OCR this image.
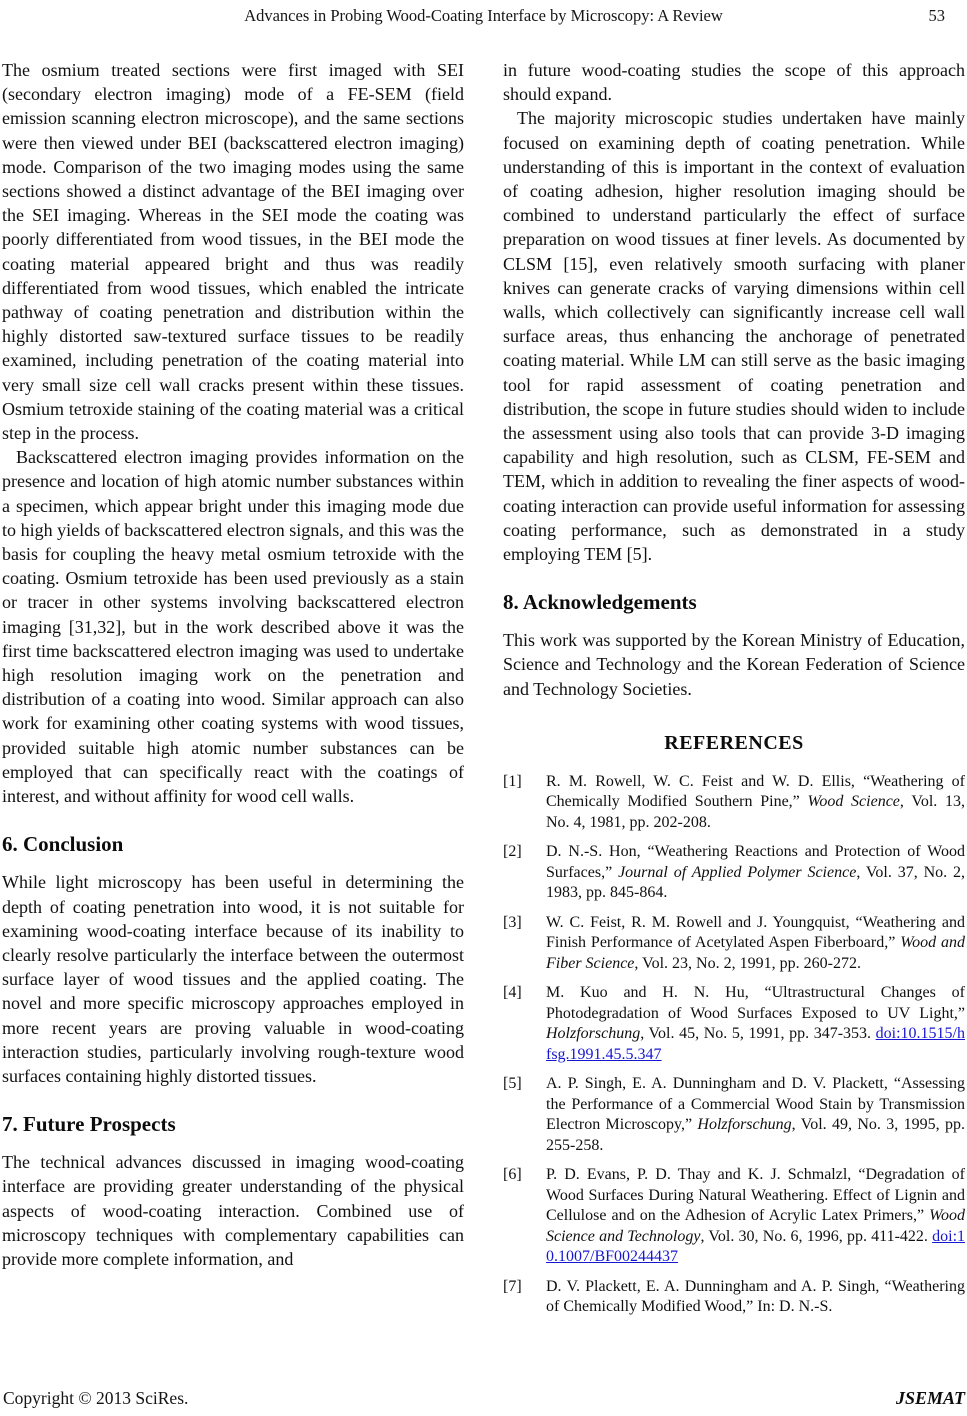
Advances in Probing Wood-Coating Interface by Microscopy: A Review	53

The osmium treated sections were first imaged with SEI (secondary electron imaging) mode of a FE-SEM (field emission scanning electron microscope), and the same sections were then viewed under BEI (backscattered electron imaging) mode. Comparison of the two imaging modes using the same sections showed a distinct advantage of the BEI imaging over the SEI imaging. Whereas in the SEI mode the coating was poorly differentiated from wood tissues, in the BEI mode the coating material appeared bright and thus was readily differentiated from wood tissues, which enabled the intricate pathway of coating penetration and distribution within the highly distorted saw-textured surface tissues to be readily examined, including penetration of the coating material into very small size cell wall cracks present within these tissues. Osmium tetroxide staining of the coating material was a critical step in the process.

Backscattered electron imaging provides information on the presence and location of high atomic number substances within a specimen, which appear bright under this imaging mode due to high yields of backscattered electron signals, and this was the basis for coupling the heavy metal osmium tetroxide with the coating. Osmium tetroxide has been used previously as a stain or tracer in other systems involving backscattered electron imaging [31,32], but in the work described above it was the first time backscattered electron imaging was used to undertake high resolution imaging work on the penetration and distribution of a coating into wood. Similar approach can also work for examining other coating systems with wood tissues, provided suitable high atomic number substances can be employed that can specifically react with the coatings of interest, and without affinity for wood cell walls.

6. Conclusion

While light microscopy has been useful in determining the depth of coating penetration into wood, it is not suitable for examining wood-coating interface because of its inability to clearly resolve particularly the interface between the outermost surface layer of wood tissues and the applied coating. The novel and more specific microscopy approaches employed in more recent years are proving valuable in wood-coating interaction studies, particularly involving rough-texture wood surfaces containing highly distorted tissues.

7. Future Prospects

The technical advances discussed in imaging wood-coating interface are providing greater understanding of the physical aspects of wood-coating interaction. Combined use of microscopy techniques with complementary capabilities can provide more complete information, and

in future wood-coating studies the scope of this approach should expand.

The majority microscopic studies undertaken have mainly focused on examining depth of coating penetration. While understanding of this is important in the context of evaluation of coating adhesion, higher resolution imaging should be combined to understand particularly the effect of surface preparation on wood tissues at finer levels. As documented by CLSM [15], even relatively smooth surfacing with planer knives can generate cracks of varying dimensions within cell walls, which collectively can significantly increase cell wall surface areas, thus enhancing the anchorage of penetrated coating material. While LM can still serve as the basic imaging tool for rapid assessment of coating penetration and distribution, the scope in future studies should widen to include the assessment using also tools that can provide 3-D imaging capability and high resolution, such as CLSM, FE-SEM and TEM, which in addition to revealing the finer aspects of wood-coating interaction can provide useful information for assessing coating performance, such as demonstrated in a study employing TEM [5].

8. Acknowledgements

This work was supported by the Korean Ministry of Education, Science and Technology and the Korean Federation of Science and Technology Societies.

REFERENCES
[1] R. M. Rowell, W. C. Feist and W. D. Ellis, “Weathering of Chemically Modified Southern Pine,” Wood Science, Vol. 13, No. 4, 1981, pp. 202-208.
[2] D. N.-S. Hon, “Weathering Reactions and Protection of Wood Surfaces,” Journal of Applied Polymer Science, Vol. 37, No. 2, 1983, pp. 845-864.
[3] W. C. Feist, R. M. Rowell and J. Youngquist, “Weathering and Finish Performance of Acetylated Aspen Fiberboard,” Wood and Fiber Science, Vol. 23, No. 2, 1991, pp. 260-272.
[4] M. Kuo and H. N. Hu, “Ultrastructural Changes of Photodegradation of Wood Surfaces Exposed to UV Light,” Holzforschung, Vol. 45, No. 5, 1991, pp. 347-353. doi:10.1515/hfsg.1991.45.5.347
[5] A. P. Singh, E. A. Dunningham and D. V. Plackett, “Assessing the Performance of a Commercial Wood Stain by Transmission Electron Microscopy,” Holzforschung, Vol. 49, No. 3, 1995, pp. 255-258.
[6] P. D. Evans, P. D. Thay and K. J. Schmalzl, “Degradation of Wood Surfaces During Natural Weathering. Effect of Lignin and Cellulose and on the Adhesion of Acrylic Latex Primers,” Wood Science and Technology, Vol. 30, No. 6, 1996, pp. 411-422. doi:10.1007/BF00244437
[7] D. V. Plackett, E. A. Dunningham and A. P. Singh, “Weathering of Chemically Modified Wood,” In: D. N.-S.
Copyright © 2013 SciRes.	JSEMAT
